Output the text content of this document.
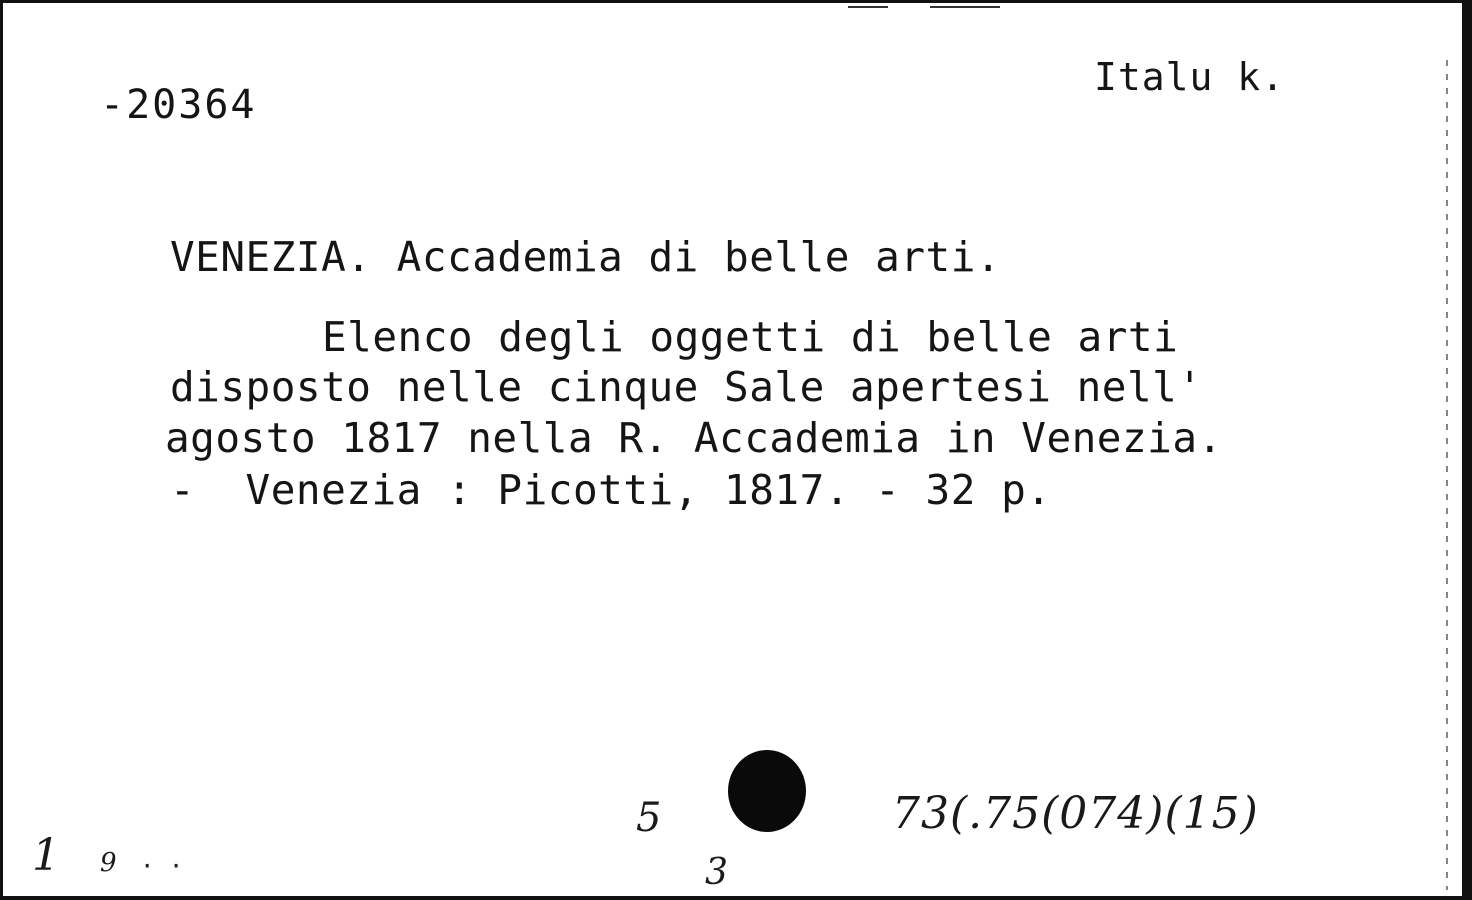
-20364
Italu k.
VENEZIA. Accademia di belle arti.
Elenco degli oggetti di belle arti
disposto nelle cinque Sale apertesi nell'
agosto 1817 nella R. Accademia in Venezia.
-  Venezia : Picotti, 1817. - 32 p.
5	73(.75(074)(15)
3
1 9 · ·
